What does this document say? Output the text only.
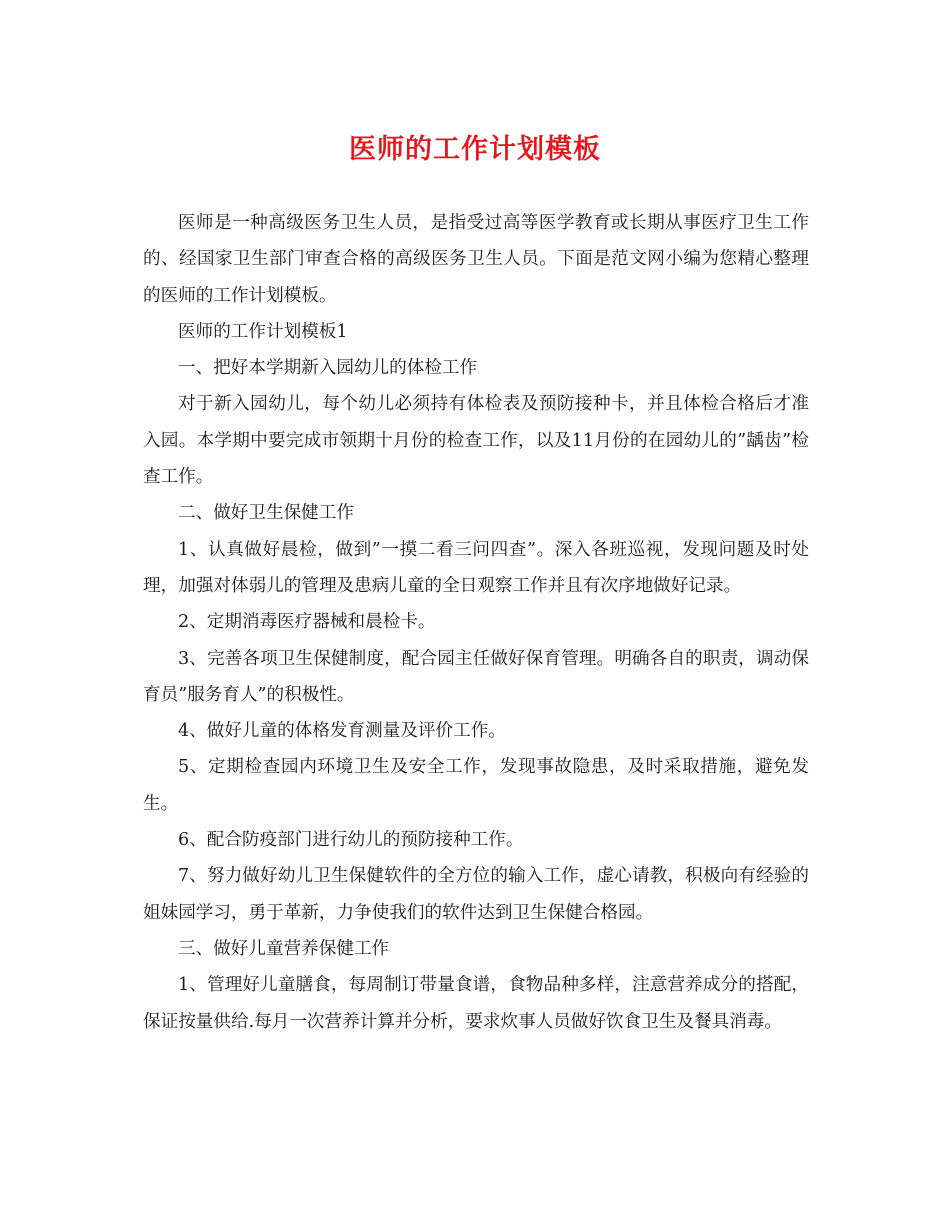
医师的工作计划模板

医师是一种高级医务卫生人员，是指受过高等医学教育或长期从事医疗卫生工作的、经国家卫生部门审查合格的高级医务卫生人员。下面是范文网小编为您精心整理的医师的工作计划模板。

医师的工作计划模板1

一、把好本学期新入园幼儿的体检工作

对于新入园幼儿，每个幼儿必须持有体检表及预防接种卡，并且体检合格后才准入园。本学期中要完成市领期十月份的检查工作，以及11月份的在园幼儿的”龋齿”检查工作。

二、做好卫生保健工作

1、认真做好晨检，做到”一摸二看三问四查”。深入各班巡视，发现问题及时处理，加强对体弱儿的管理及患病儿童的全日观察工作并且有次序地做好记录。

2、定期消毒医疗器械和晨检卡。

3、完善各项卫生保健制度，配合园主任做好保育管理。明确各自的职责，调动保育员”服务育人”的积极性。

4、做好儿童的体格发育测量及评价工作。

5、定期检查园内环境卫生及安全工作，发现事故隐患，及时采取措施，避免发生。

6、配合防疫部门进行幼儿的预防接种工作。

7、努力做好幼儿卫生保健软件的全方位的输入工作，虚心请教，积极向有经验的姐妹园学习，勇于革新，力争使我们的软件达到卫生保健合格园。

三、做好儿童营养保健工作

1、管理好儿童膳食，每周制订带量食谱，食物品种多样，注意营养成分的搭配，保证按量供给.每月一次营养计算并分析，要求炊事人员做好饮食卫生及餐具消毒。
